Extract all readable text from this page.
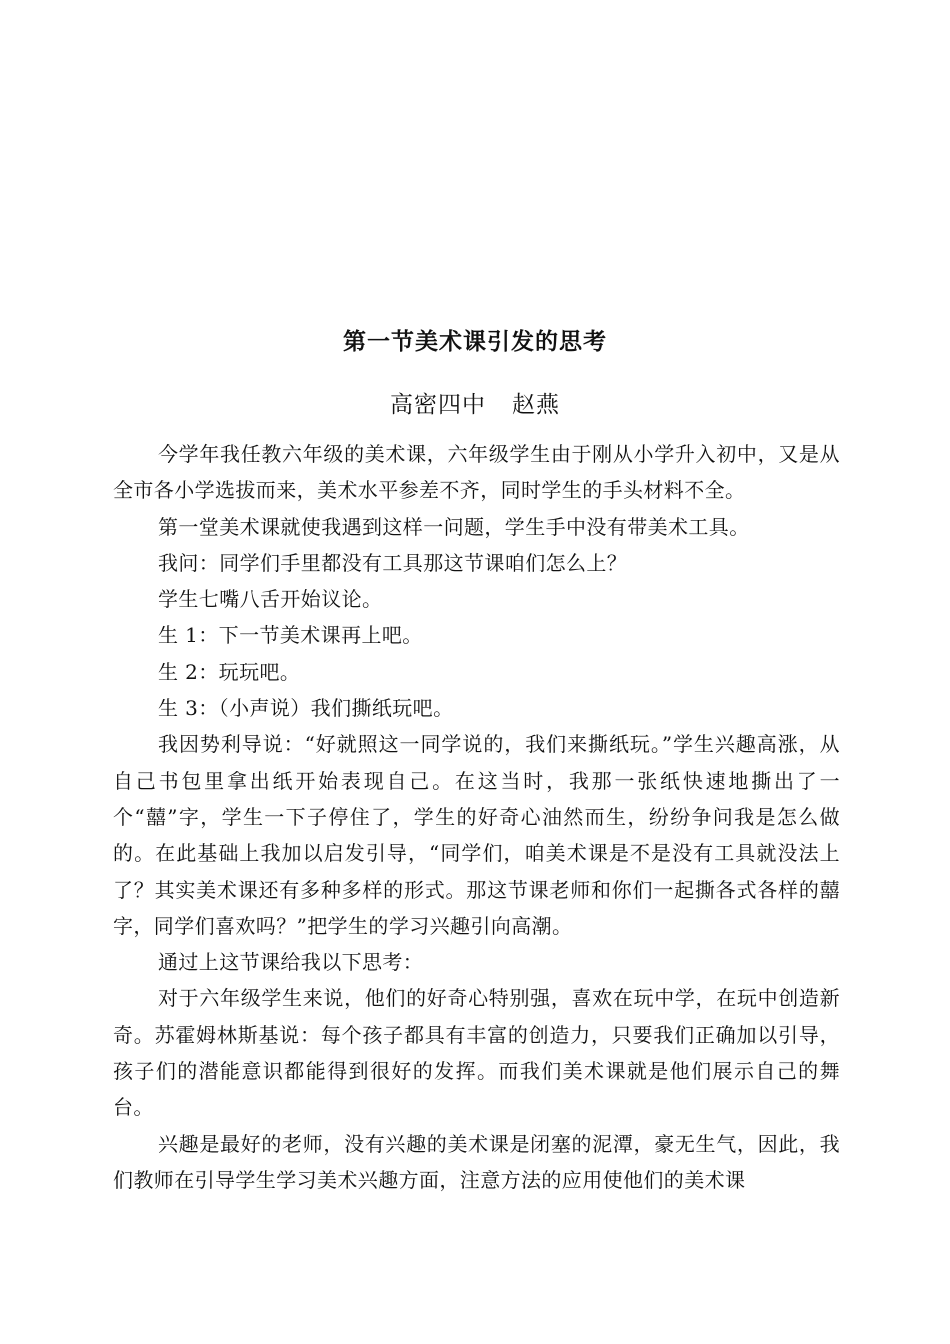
第一节美术课引发的思考
高密四中 赵燕

今学年我任教六年级的美术课，六年级学生由于刚从小学升入初中，又是从全市各小学选拔而来，美术水平参差不齐，同时学生的手头材料不全。

第一堂美术课就使我遇到这样一问题，学生手中没有带美术工具。

我问：同学们手里都没有工具那这节课咱们怎么上？

学生七嘴八舌开始议论。

生 1：下一节美术课再上吧。

生 2：玩玩吧。

生 3：（小声说）我们撕纸玩吧。

我因势利导说：“好就照这一同学说的，我们来撕纸玩。”学生兴趣高涨，从自己书包里拿出纸开始表现自己。在这当时，我那一张纸快速地撕出了一个“囍”字，学生一下子停住了，学生的好奇心油然而生，纷纷争问我是怎么做的。在此基础上我加以启发引导，“同学们，咱美术课是不是没有工具就没法上了？其实美术课还有多种多样的形式。那这节课老师和你们一起撕各式各样的囍字，同学们喜欢吗？”把学生的学习兴趣引向高潮。

通过上这节课给我以下思考：

对于六年级学生来说，他们的好奇心特别强，喜欢在玩中学，在玩中创造新奇。苏霍姆林斯基说：每个孩子都具有丰富的创造力，只要我们正确加以引导，孩子们的潜能意识都能得到很好的发挥。而我们美术课就是他们展示自己的舞台。

兴趣是最好的老师，没有兴趣的美术课是闭塞的泥潭，豪无生气，因此，我们教师在引导学生学习美术兴趣方面，注意方法的应用使他们的美术课
